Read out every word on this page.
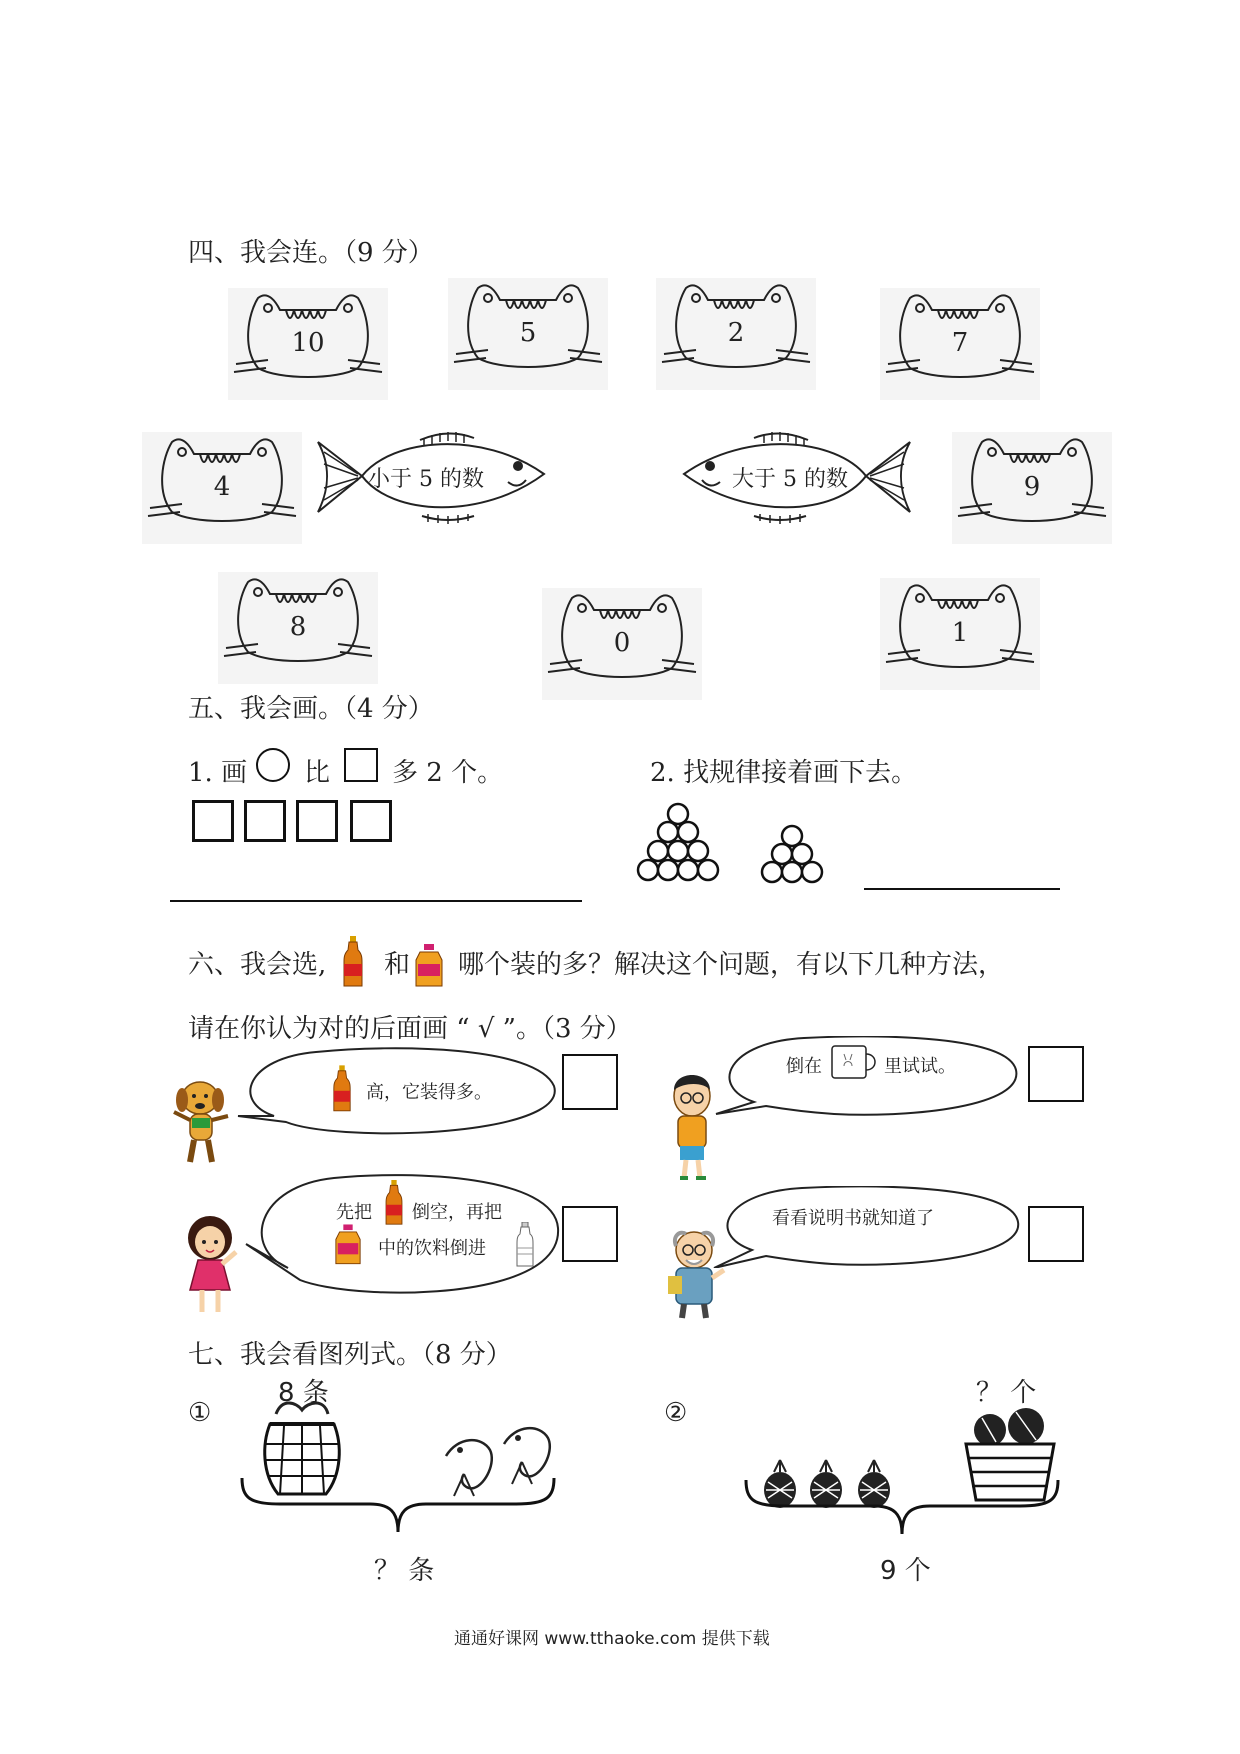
四、我会连。（9 分）
10	5	2	7
4	9
8
0	1
小于 5 的数	大于 5 的数
五、我会画。（4 分）
1. 画 比 多 2 个。	2. 找规律接着画下去。
六、我会选, 和 哪个装的多？解决这个问题，有以下几种方法，
请在你认为对的后面画 “ √ ”。（3 分）
高，它装得多。
倒在	里试试。
先把 倒空，再把
中的饮料倒进
看看说明书就知道了
七、我会看图列式。（8 分）
①
8 条
？ 条
②
？ 个
9 个
通通好课网 www.tthaoke.com 提供下载
